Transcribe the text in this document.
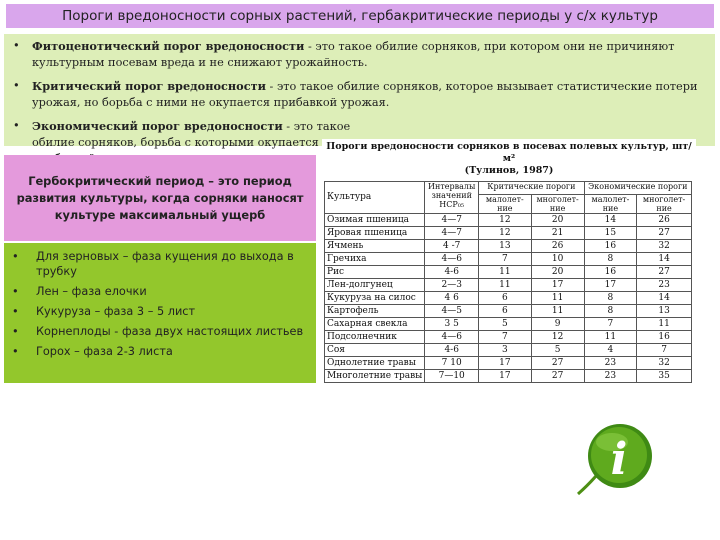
Пороги вредоносности сорных растений, гербакритические периоды у с/х культур
• Фитоценотический порог вредоносности - это такое обилие сорняков, при котором они не причиняют культурным посевам вреда и не снижают урожайность.
• Критический порог вредоносности - это такое обилие сорняков, которое вызывает статистические потери урожая, но борьба с ними не окупается прибавкой урожая.
• Экономический порог вредоносности - это такое обилие сорняков, борьба с которыми окупается
Гербокритический период – это период развития культуры, когда сорняки наносят культуре максимальный ущерб
• Для зерновых – фаза кущения до выхода в трубку
• Лен – фаза елочки
• Кукуруза – фаза 3 – 5 лист
• Корнеплоды - фаза двух настоящих листьев
• Горох – фаза 2-3 листа
Пороги вредоносности сорняков в посевах полевых культур, шт/м²
(Тулинов, 1987)
Культура	Интервалы значений НСР₀₅	Критические пороги		Экономические пороги	
		малолет-ние	многолет-ние	малолет-ние	многолет-ние
Озимая пшеница	4—7	12	20	14	26
Яровая пшеница	4—7	12	21	15	27
Ячмень	4 -7	13	26	16	32
Гречиха	4—6	7	10	8	14
Рис	4-6	11	20	16	27
Лен-долгунец	2—3	11	17	17	23
Кукуруза на силос	4 6	6	11	8	14
Картофель	4—5	6	11	8	13
Сахарная свекла	3 5	5	9	7	11
Подсолнечник	4—6	7	12	11	16
Соя	4-6	3	5	4	7
Однолетние травы	7 10	17	27	23	32
Многолетние травы	7—10	17	27	23	35
i
